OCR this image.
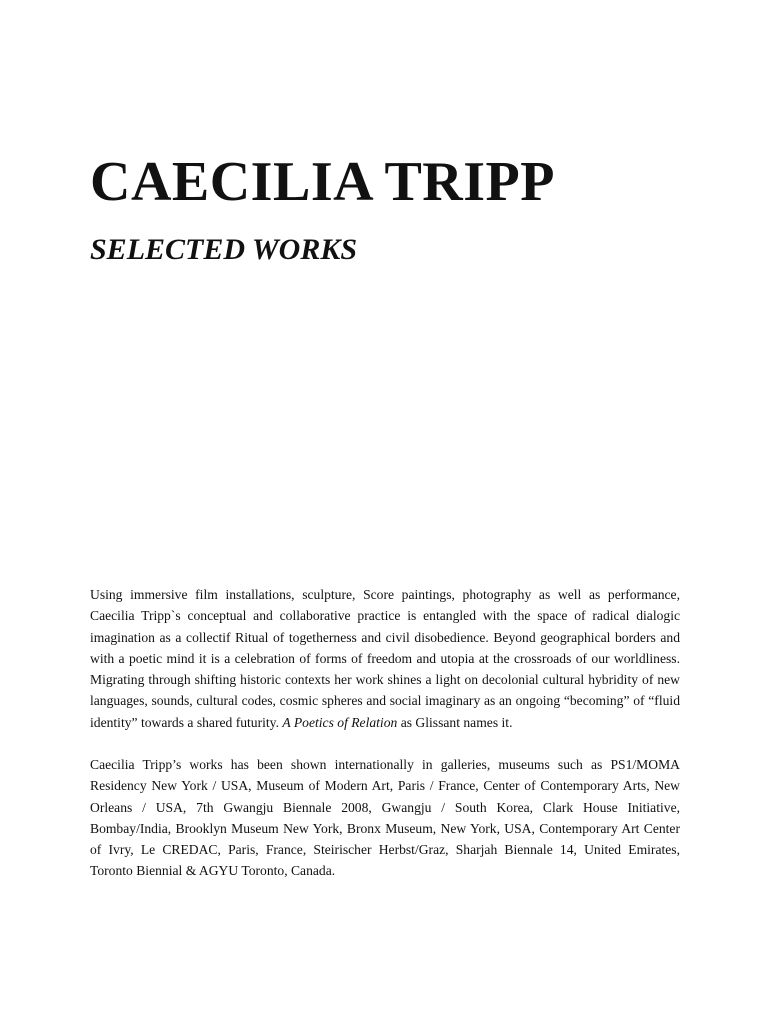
CAECILIA TRIPP
SELECTED WORKS

Using immersive film installations, sculpture, Score paintings, photography as well as performance, Caecilia Tripp`s conceptual and collaborative practice is entangled with the space of radical dialogic imagination as a collectif Ritual of togetherness and civil disobedience. Beyond geographical borders and with a poetic mind it is a celebration of forms of freedom and utopia at the crossroads of our worldliness. Migrating through shifting historic contexts her work shines a light on decolonial cultural hybridity of new languages, sounds, cultural codes, cosmic spheres and social imaginary as an ongoing “becoming” of “fluid identity” towards a shared futurity. A Poetics of Relation as Glissant names it.

Caecilia Tripp’s works has been shown internationally in galleries, museums such as PS1/MOMA Residency New York / USA, Museum of Modern Art, Paris / France, Center of Contemporary Arts, New Orleans / USA, 7th Gwangju Biennale 2008, Gwangju / South Korea, Clark House Initiative, Bombay/India, Brooklyn Museum New York, Bronx Museum, New York, USA, Contemporary Art Center of Ivry, Le CREDAC, Paris, France, Steirischer Herbst/Graz, Sharjah Biennale 14, United Emirates, Toronto Biennial & AGYU Toronto, Canada.
